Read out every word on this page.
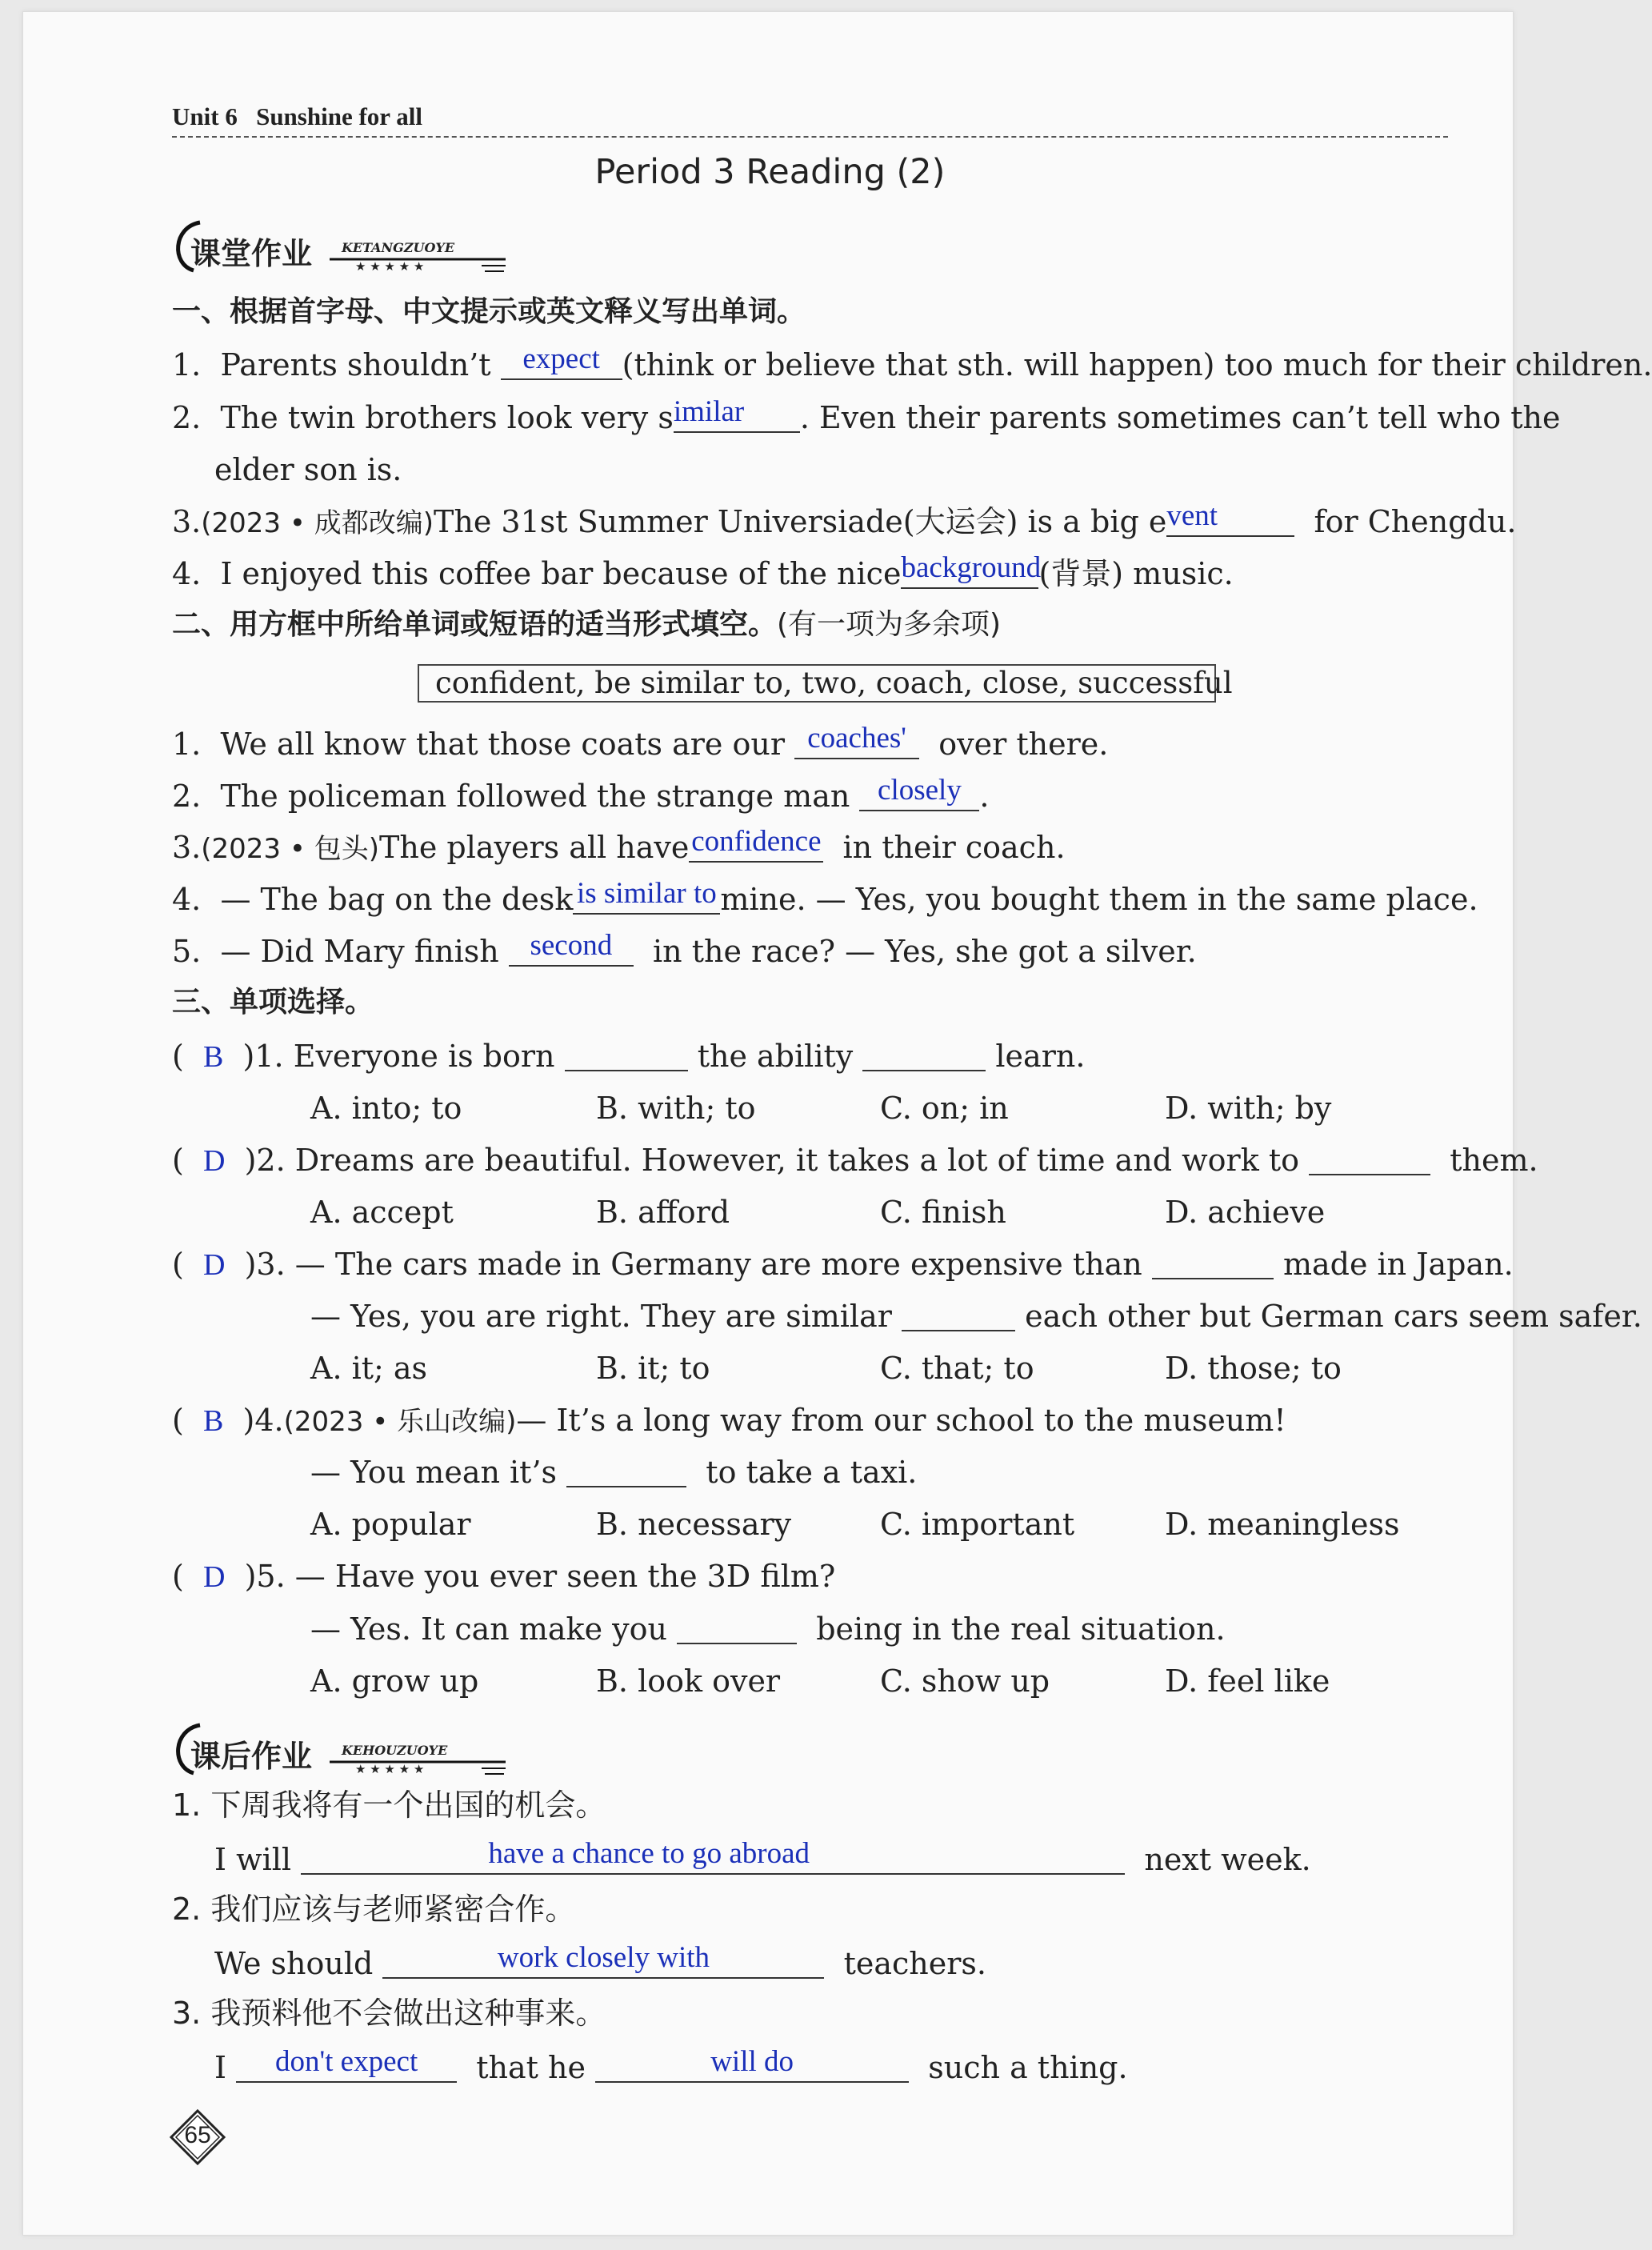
Unit 6 Sunshine for all
Period 3 Reading (2)
课堂作业 KETANGZUOYE
★ ★ ★ ★ ★
一、根据首字母、中文提示或英文释义写出单词。
1. Parents shouldn’t	expect (think or believe that sth. will happen) too much for their children.
2. The twin brothers look very s imilar	. Even their parents sometimes can’t tell who the
elder son is.
3.(2023 • 成都改编)The 31st Summer Universiade(大运会) is a big e vent	for Chengdu.
4. I enjoyed this coffee bar because of the nice background
(背景) music.
二、用方框中所给单词或短语的适当形式填空。(有一项为多余项)
confident, be similar to, two, coach, close, successful
1. We all know that those coats are our coaches'	over there.
2. The policeman followed the strange man closely .
3.(2023 • 包头)The players all have confidence in their coach.
4. — The bag on the desk is similar to mine. — Yes, you bought them in the same place.
5. — Did Mary finish	second	in the race? — Yes, she got a silver.
三、单项选择。
(  B )1. Everyone is born	the ability	learn.
A. into; to	B. with; to	C. on; in	D. with; by
(  D )2. Dreams are beautiful. However, it takes a lot of time and work to	them.
A. accept	B. afford	C. finish	D. achieve
(  D )3. — The cars made in Germany are more expensive than	made in Japan.
— Yes, you are right. They are similar	each other but German cars seem safer.
A. it; as	B. it; to	C. that; to	D. those; to
(  B )4.(2023 • 乐山改编)— It’s a long way from our school to the museum!
— You mean it’s	to take a taxi.
A. popular	B. necessary	C. important	D. meaningless
(  D )5. — Have you ever seen the 3D film?
— Yes. It can make you	being in the real situation.
A. grow up	B. look over	C. show up	D. feel like
课后作业 KEHOUZUOYE
★ ★ ★ ★ ★
1. 下周我将有一个出国的机会。
I will	have a chance to go abroad	next week.
2. 我们应该与老师紧密合作。
We should	work closely with	teachers.
3. 我预料他不会做出这种事来。
I	don't expect	that he	will do	such a thing.
65
